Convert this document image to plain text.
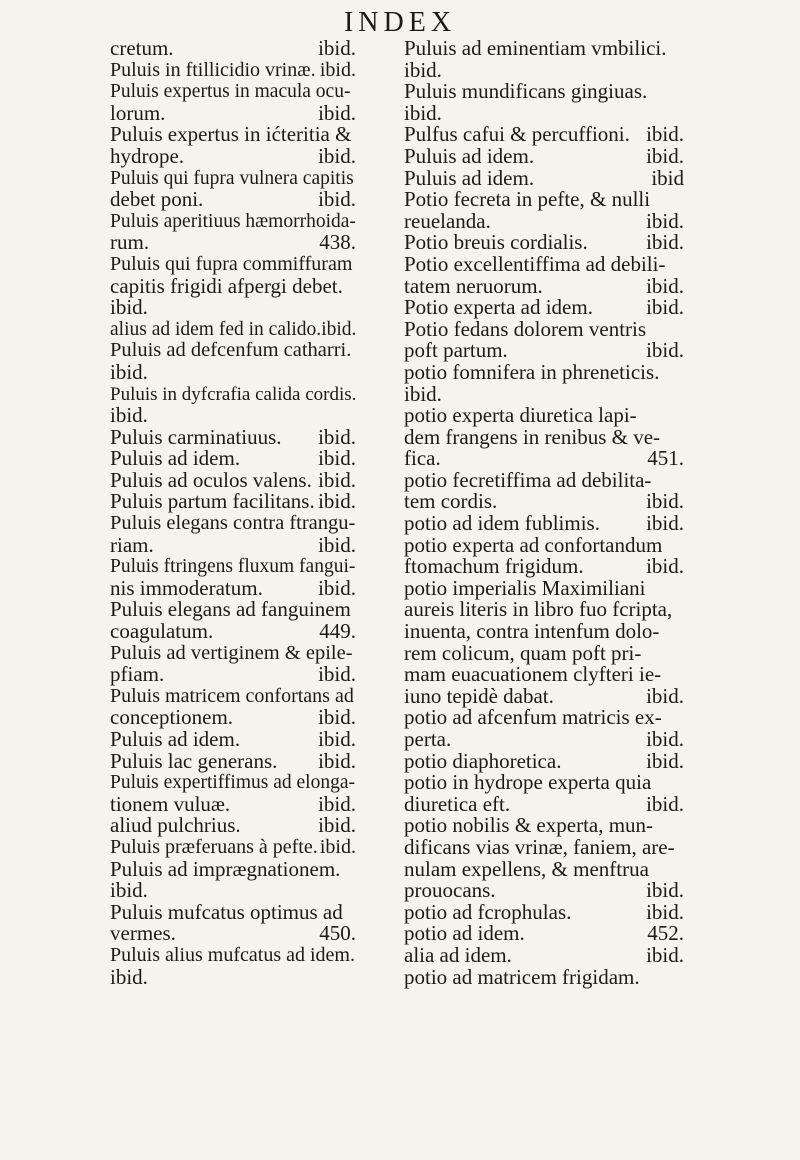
INDEX
cretum.	ibid.
Puluis in ftillicidio vrinæ. ibid.
Puluis expertus in macula ocu-
lorum.	ibid.
Puluis expertus in ićteritia &
hydrope.	ibid.
Puluis qui fupra vulnera capitis
debet poni.	ibid.
Puluis aperitiuus hæmorrhoida-
rum.	438.
Puluis qui fupra commiffuram
capitis frigidi afpergi debet.
ibid.
alius ad idem fed in calido. ibid.
Puluis ad defcenfum catharri.
ibid.
Puluis in dyfcrafia calida cordis.
ibid.
Puluis carminatiuus. ibid.
Puluis ad idem.	ibid.
Puluis ad oculos valens. ibid.
Puluis partum facilitans. ibid.
Puluis elegans contra ftrangu-
riam.	ibid.
Puluis ftringens fluxum fangui-
nis immoderatum.	ibid.
Puluis elegans ad fanguinem
coagulatum.	449.
Puluis ad vertiginem & epile-
pfiam.	ibid.
Puluis matricem confortans ad
conceptionem.	ibid.
Puluis ad idem.	ibid.
Puluis lac generans. ibid.
Puluis expertiffimus ad elonga-
tionem vuluæ.	ibid.
aliud pulchrius.	ibid.
Puluis præferuans à pefte. ibid.
Puluis ad imprægnationem.
ibid.
Puluis mufcatus optimus ad
vermes.	450.
Puluis alius mufcatus ad idem.
ibid.
Puluis ad eminentiam vmbilici.
ibid.
Puluis mundificans gingiuas.
ibid.
Pulfus cafui & percuffioni. ibid.
Puluis ad idem.	ibid.
Puluis ad idem.	ibid
Potio fecreta in pefte, & nulli
reuelanda.	ibid.
Potio breuis cordialis.	ibid.
Potio excellentiffima ad debili-
tatem neruorum.	ibid.
Potio experta ad idem.	ibid.
Potio fedans dolorem ventris
poft partum.	ibid.
potio fomnifera in phreneticis.
ibid.
potio experta diuretica lapi-
dem frangens in renibus & ve-
fica.	451.
potio fecretiffima ad debilita-
tem cordis.	ibid.
potio ad idem fublimis. ibid.
potio experta ad confortandum
ftomachum frigidum.	ibid.
potio imperialis Maximiliani
aureis literis in libro fuo fcripta,
inuenta, contra intenfum dolo-
rem colicum, quam poft pri-
mam euacuationem clyfteri ie-
iuno tepidè dabat.	ibid.
potio ad afcenfum matricis ex-
perta.	ibid.
potio diaphoretica.	ibid.
potio in hydrope experta quia
diuretica eft.	ibid.
potio nobilis & experta, mun-
dificans vias vrinæ, faniem, are-
nulam expellens, & menftrua
prouocans.	ibid.
potio ad fcrophulas.	ibid.
potio ad idem.	452.
alia ad idem.	ibid.
potio ad matricem frigidam.
